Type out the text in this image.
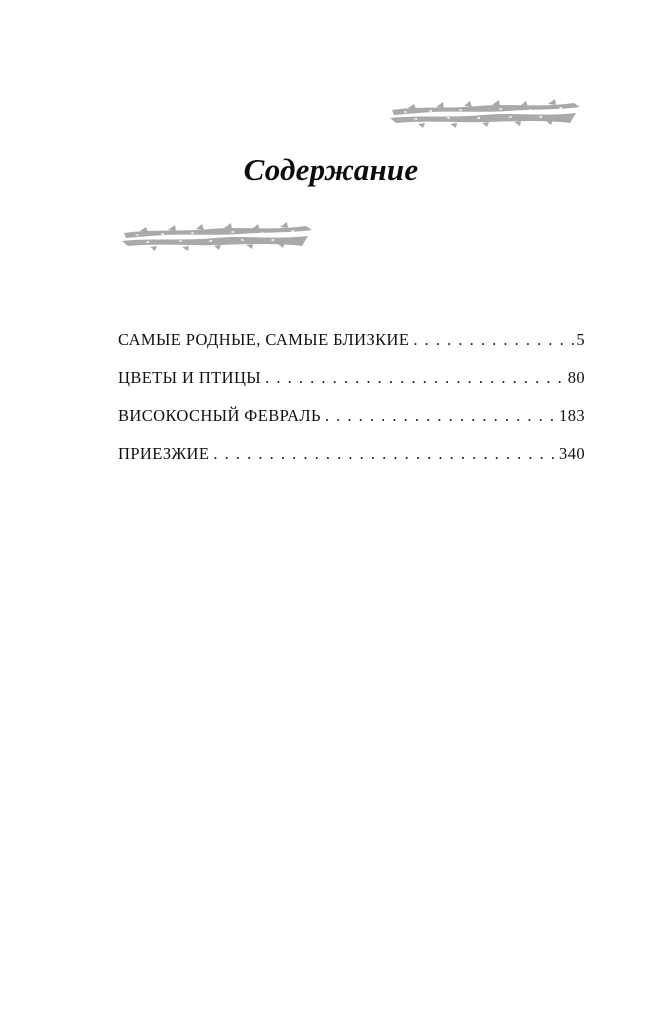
Содержание
САМЫЕ РОДНЫЕ, САМЫЕ БЛИЗКИЕ . . .	5
ЦВЕТЫ И ПТИЦЫ . . .	80
ВИСОКОСНЫЙ ФЕВРАЛЬ . . .	183
ПРИЕЗЖИЕ . . .	340
